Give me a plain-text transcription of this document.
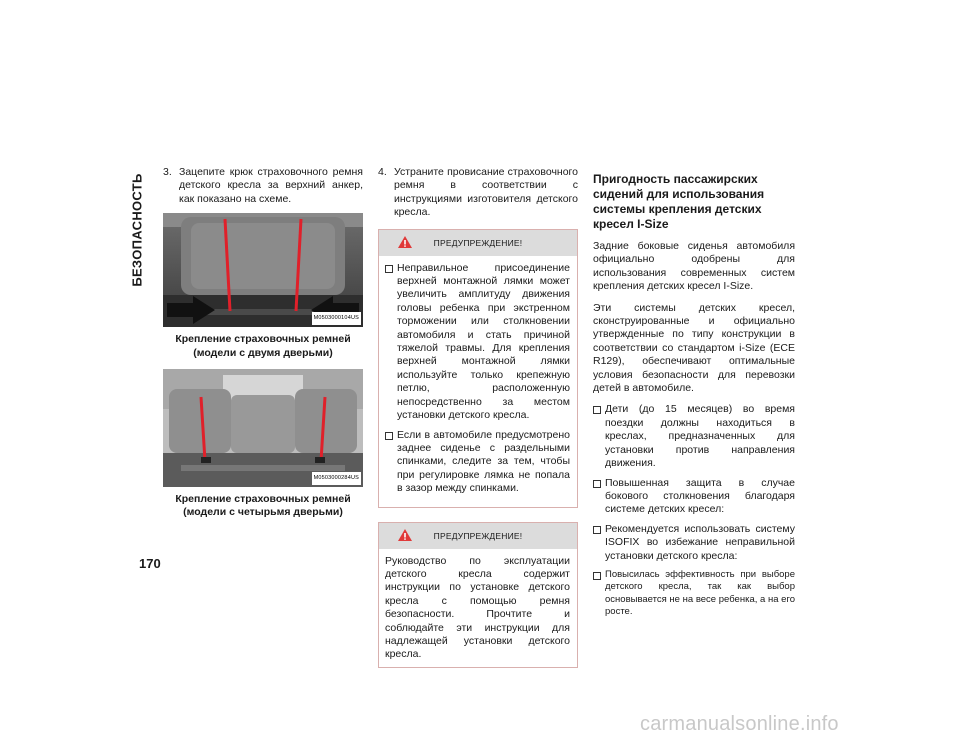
БЕЗОПАСНОСТЬ
170
3. Зацепите крюк страховочного ремня детского кресла за верхний анкер, как показано на схеме.
M0503000104US
Крепление страховочных ремней
(модели с двумя дверьми)
M0503000284US
Крепление страховочных ремней
(модели с четырьмя дверьми)
4. Устраните провисание страховочного ремня в соответствии с инструкциями изготовителя детского кресла.
ПРЕДУПРЕЖДЕНИЕ!
Неправильное присоединение верхней монтажной лямки может увеличить амплитуду движения головы ребенка при экстренном торможении или столкновении автомобиля и стать причиной тяжелой травмы. Для крепления верхней монтажной лямки используйте только крепежную петлю, расположенную непосредственно за местом установки детского кресла.
Если в автомобиле предусмотрено заднее сиденье с раздельными спинками, следите за тем, чтобы при регулировке лямка не попала в зазор между спинками.
ПРЕДУПРЕЖДЕНИЕ!
Руководство по эксплуатации детского кресла содержит инструкции по установке детского кресла с помощью ремня безопасности. Прочтите и соблюдайте эти инструкции для надлежащей установки детского кресла.
Пригодность пассажирских сидений для использования системы крепления детских кресел I-Size

Задние боковые сиденья автомобиля официально одобрены для использования современных систем крепления детских кресел I-Size.

Эти системы детских кресел, сконструированные и официально утвержденные по типу конструкции в соответствии со стандартом i-Size (ECE R129), обеспечивают оптимальные условия безопасности для перевозки детей в автомобиле.

Дети (до 15 месяцев) во время поездки должны находиться в креслах, предназначенных для установки против направления движения.
Повышенная защита в случае бокового столкновения благодаря системе детских кресел:
Рекомендуется использовать систему ISOFIX во избежание неправильной установки детского кресла:
Повысилась эффективность при выборе детского кресла, так как выбор основывается не на весе ребенка, а на его росте.
carmanualsonline.info
